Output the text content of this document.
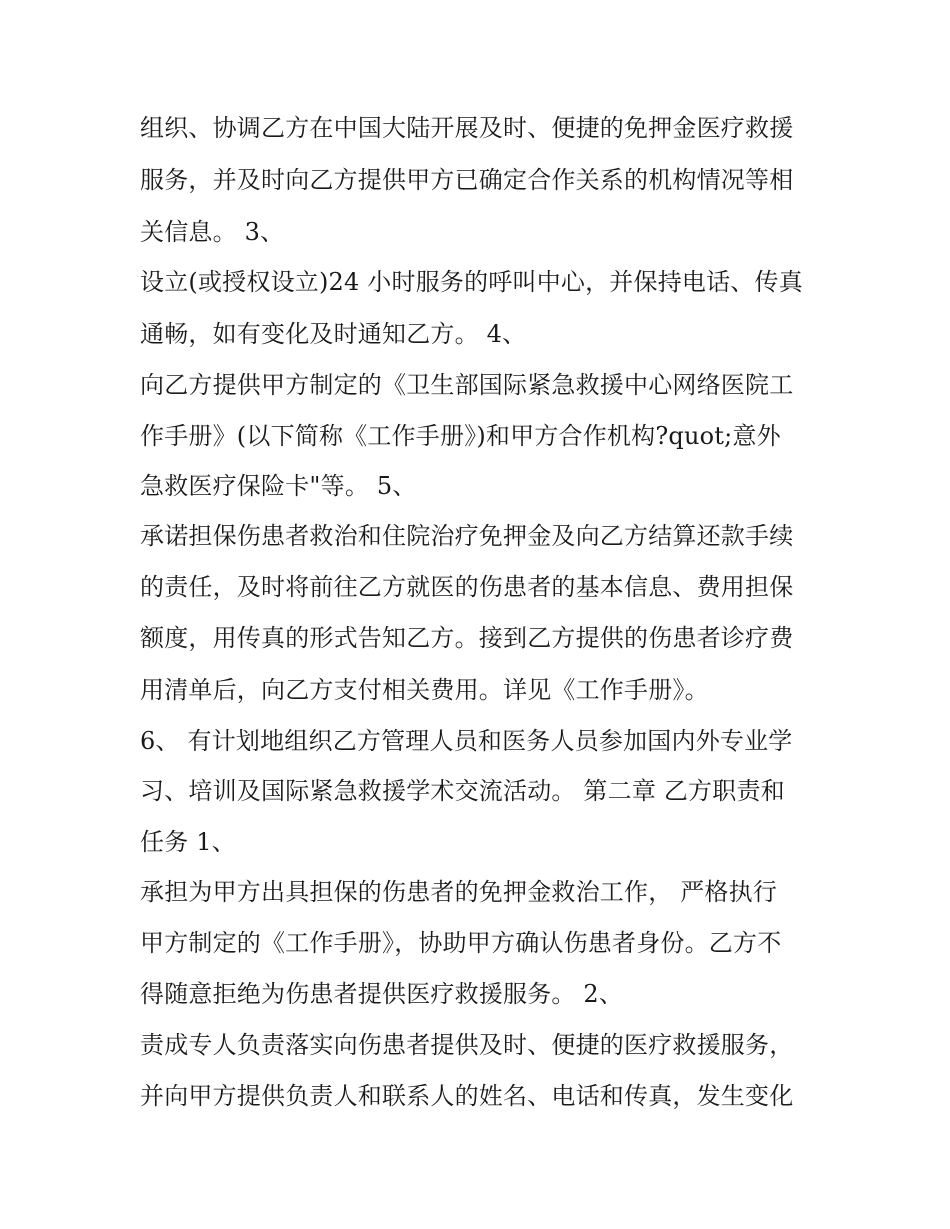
组织、协调乙方在中国大陆开展及时、便捷的免押金医疗救援

服务，并及时向乙方提供甲方已确定合作关系的机构情况等相

关信息。 3、

设立(或授权设立)24 小时服务的呼叫中心，并保持电话、传真

通畅，如有变化及时通知乙方。 4、

向乙方提供甲方制定的《卫生部国际紧急救援中心网络医院工

作手册》(以下简称《工作手册》)和甲方合作机构?quot;意外

急救医疗保险卡"等。 5、

承诺担保伤患者救治和住院治疗免押金及向乙方结算还款手续

的责任，及时将前往乙方就医的伤患者的基本信息、费用担保

额度，用传真的形式告知乙方。接到乙方提供的伤患者诊疗费

用清单后，向乙方支付相关费用。详见《工作手册》。

6、 有计划地组织乙方管理人员和医务人员参加国内外专业学

习、培训及国际紧急救援学术交流活动。 第二章 乙方职责和

任务 1、

承担为甲方出具担保的伤患者的免押金救治工作， 严格执行

甲方制定的《工作手册》，协助甲方确认伤患者身份。乙方不

得随意拒绝为伤患者提供医疗救援服务。 2、

责成专人负责落实向伤患者提供及时、便捷的医疗救援服务，

并向甲方提供负责人和联系人的姓名、电话和传真，发生变化
